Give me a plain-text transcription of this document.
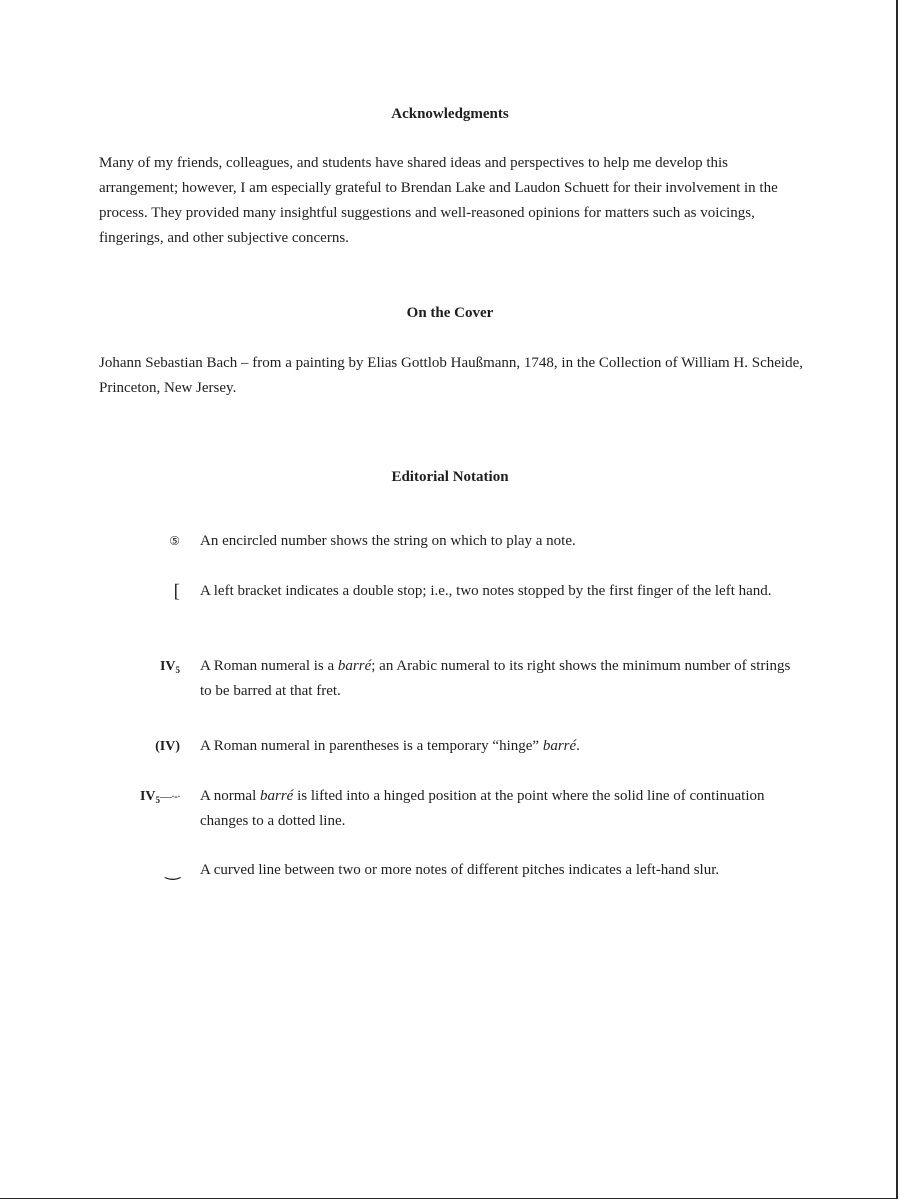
Acknowledgments

Many of my friends, colleagues, and students have shared ideas and perspectives to help me develop this arrangement; however, I am especially grateful to Brendan Lake and Laudon Schuett for their involvement in the process. They provided many insightful suggestions and well-reasoned opinions for matters such as voicings, fingerings, and other subjective concerns.

On the Cover

Johann Sebastian Bach – from a painting by Elias Gottlob Haußmann, 1748, in the Collection of William H. Scheide, Princeton, New Jersey.

Editorial Notation
⑤ An encircled number shows the string on which to play a note.
[ A left bracket indicates a double stop; i.e., two notes stopped by the first finger of the left hand.
$IV_5$ A Roman numeral is a barré; an Arabic numeral to its right shows the minimum number of strings to be barred at that fret.
(IV) A Roman numeral in parentheses is a temporary “hinge” barré.
$IV_5—\cdot-\cdot A$ normal barré is lifted into a hinged position at the point where the solid line of continuation changes to a dotted line.
‿ A curved line between two or more notes of different pitches indicates a left-hand slur.
